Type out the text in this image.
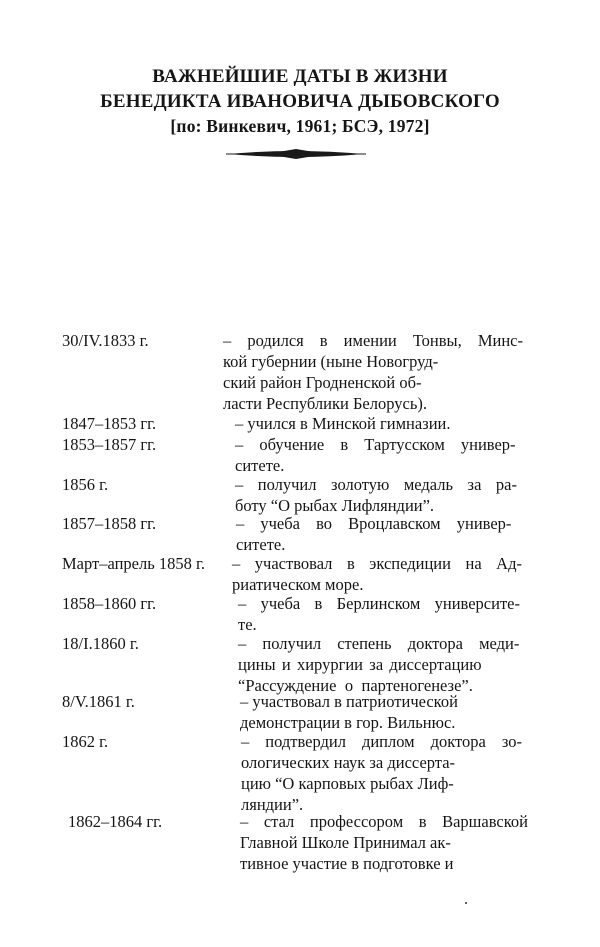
ВАЖНЕЙШИЕ ДАТЫ В ЖИЗНИ
БЕНЕДИКТА ИВАНОВИЧА ДЫБОВСКОГО
[по: Винкевич, 1961; БСЭ, 1972]
30/IV.1833 г.	– родился в имении Тонвы, Минс-
кой губернии (ныне Новогруд-
ский район Гродненской об-
ласти Республики Белорусь).
1847–1853 гг.	– учился в Минской гимназии.
1853–1857 гг.	– обучение в Тартусском универ-
ситете.
1856 г.	– получил золотую медаль за ра-
боту “О рыбах Лифляндии”.
1857–1858 гг.	– учеба во Вроцлавском универ-
ситете.
Март–апрель 1858 г. – участвовал в экспедиции на Ад-
риатическом море.
1858–1860 гг.	– учеба в Берлинском университе-
те.
18/I.1860 г.	– получил степень доктора меди-
цины и хирургии за диссертацию
“Рассуждение о партеногенезе”.
8/V.1861 г.	– участвовал в патриотической
демонстрации в гор. Вильнюс.
1862 г.	– подтвердил диплом доктора зо-
ологических наук за диссерта-
цию “О карповых рыбах Лиф-
ляндии”.
1862–1864 гг.	– стал профессором в Варшавской
Главной Школе Принимал ак-
тивное участие в подготовке и
